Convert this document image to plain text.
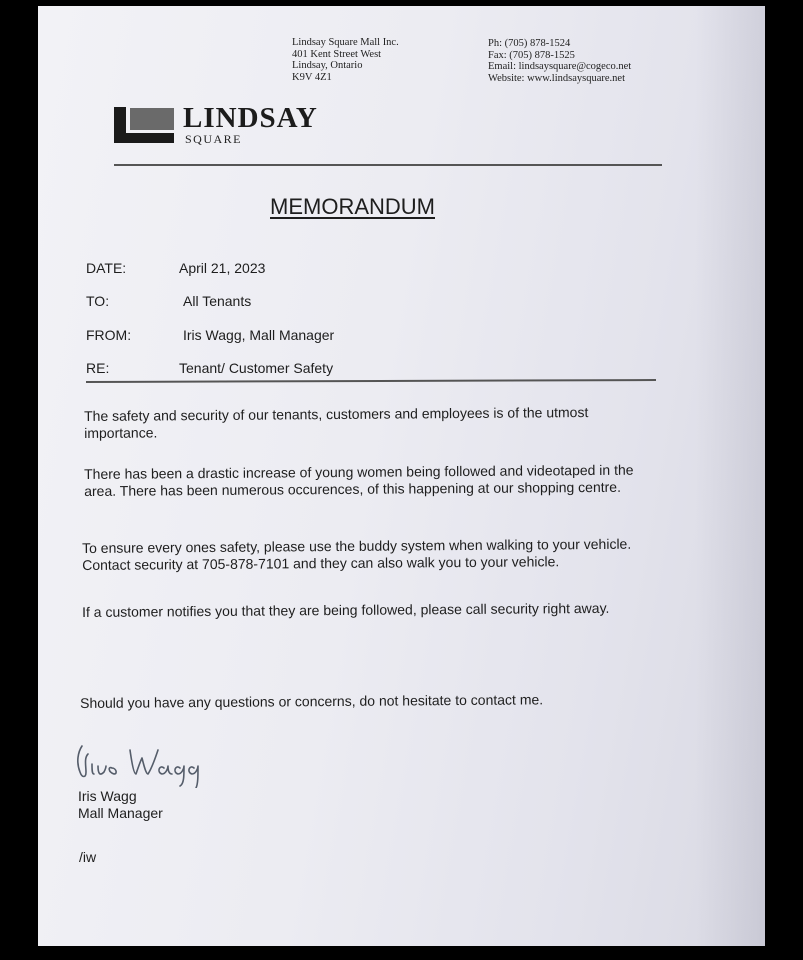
Lindsay Square Mall Inc.
401 Kent Street West
Lindsay, Ontario
K9V 4Z1
Ph: (705) 878-1524
Fax: (705) 878-1525
Email: lindsaysquare@cogeco.net
Website: www.lindsaysquare.net
LINDSAY
SQUARE
MEMORANDUM
DATE:	April 21, 2023
TO:	All Tenants
FROM:	Iris Wagg, Mall Manager
RE:	Tenant/ Customer Safety
The safety and security of our tenants, customers and employees is of the utmost importance.
There has been a drastic increase of young women being followed and videotaped in the area. There has been numerous occurences, of this happening at our shopping centre.
To ensure every ones safety, please use the buddy system when walking to your vehicle. Contact security at 705-878-7101 and they can also walk you to your vehicle.
If a customer notifies you that they are being followed, please call security right away.
Should you have any questions or concerns, do not hesitate to contact me.
Iris Wagg
Mall Manager
/iw
